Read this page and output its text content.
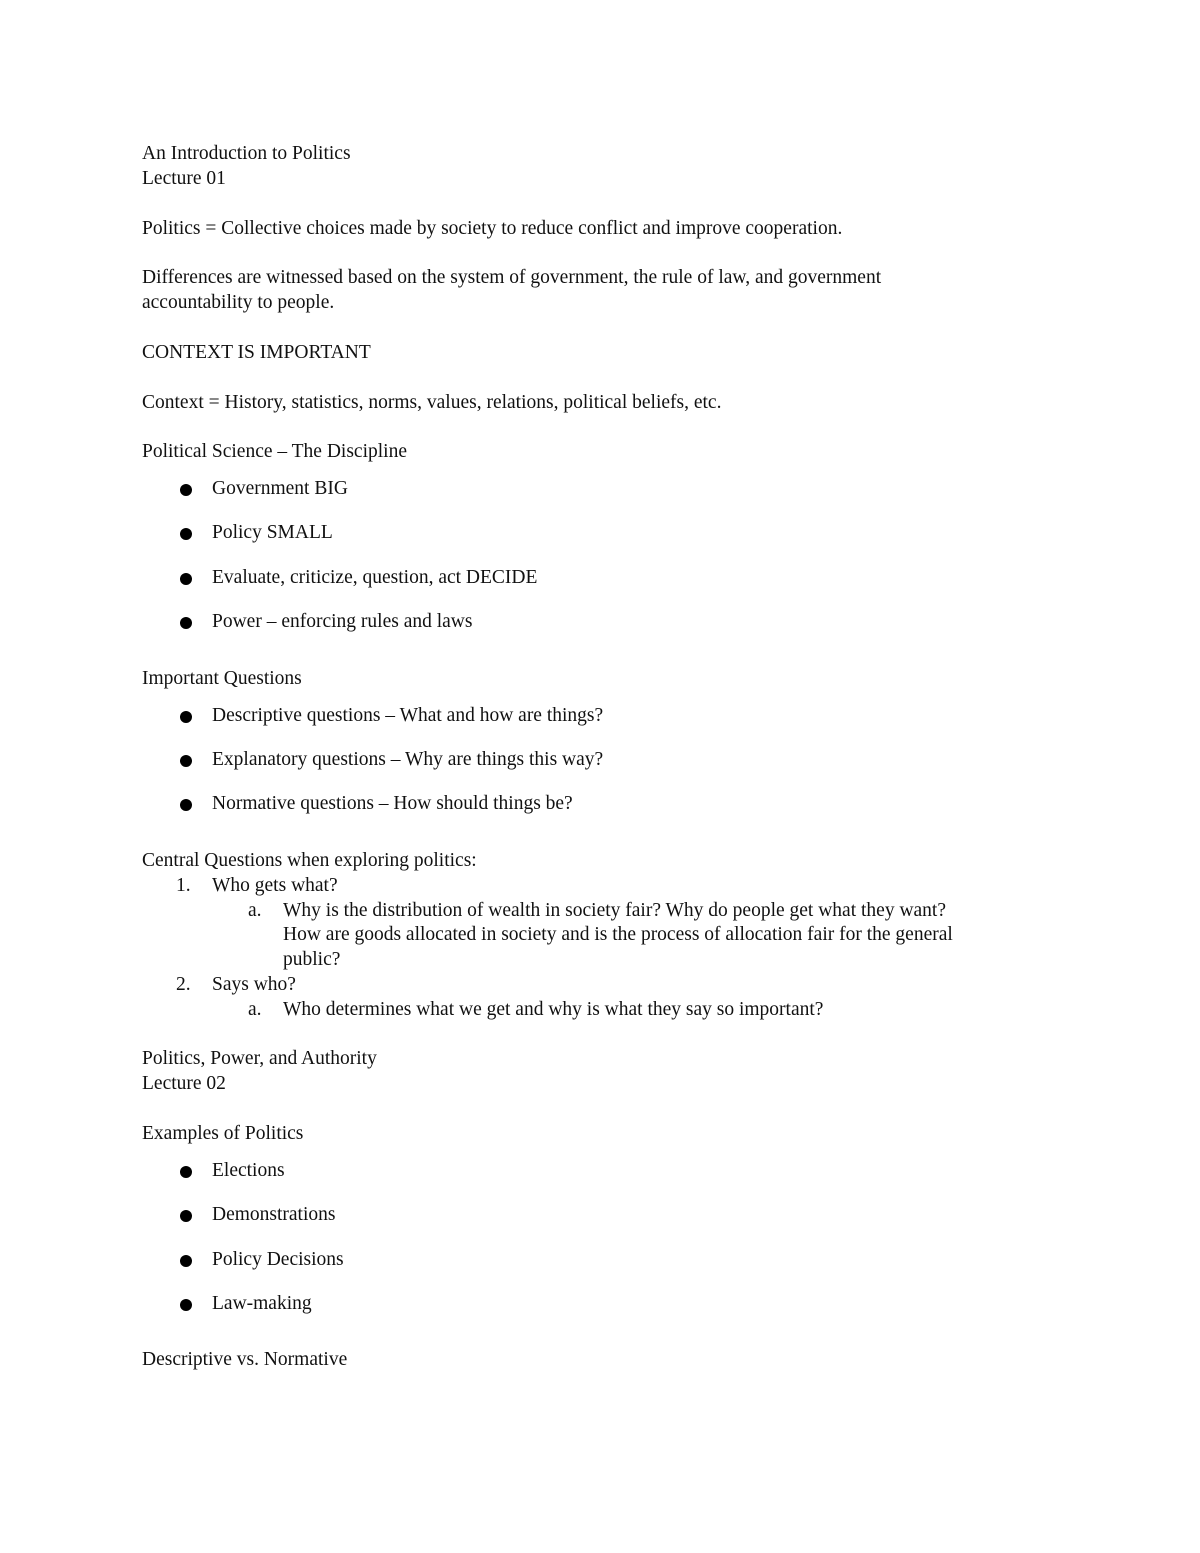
An Introduction to Politics
Lecture 01
Politics = Collective choices made by society to reduce conflict and improve cooperation.
Differences are witnessed based on the system of government, the rule of law, and government
accountability to people.
CONTEXT IS IMPORTANT
Context = History, statistics, norms, values, relations, political beliefs, etc.
Political Science – The Discipline
Government BIG
Policy SMALL
Evaluate, criticize, question, act DECIDE
Power – enforcing rules and laws
Important Questions
Descriptive questions – What and how are things?
Explanatory questions – Why are things this way?
Normative questions – How should things be?
Central Questions when exploring politics:
1. Who gets what?
a. Why is the distribution of wealth in society fair? Why do people get what they want?
How are goods allocated in society and is the process of allocation fair for the general
public?
2. Says who?
a. Who determines what we get and why is what they say so important?
Politics, Power, and Authority
Lecture 02
Examples of Politics
Elections
Demonstrations
Policy Decisions
Law-making
Descriptive vs. Normative
